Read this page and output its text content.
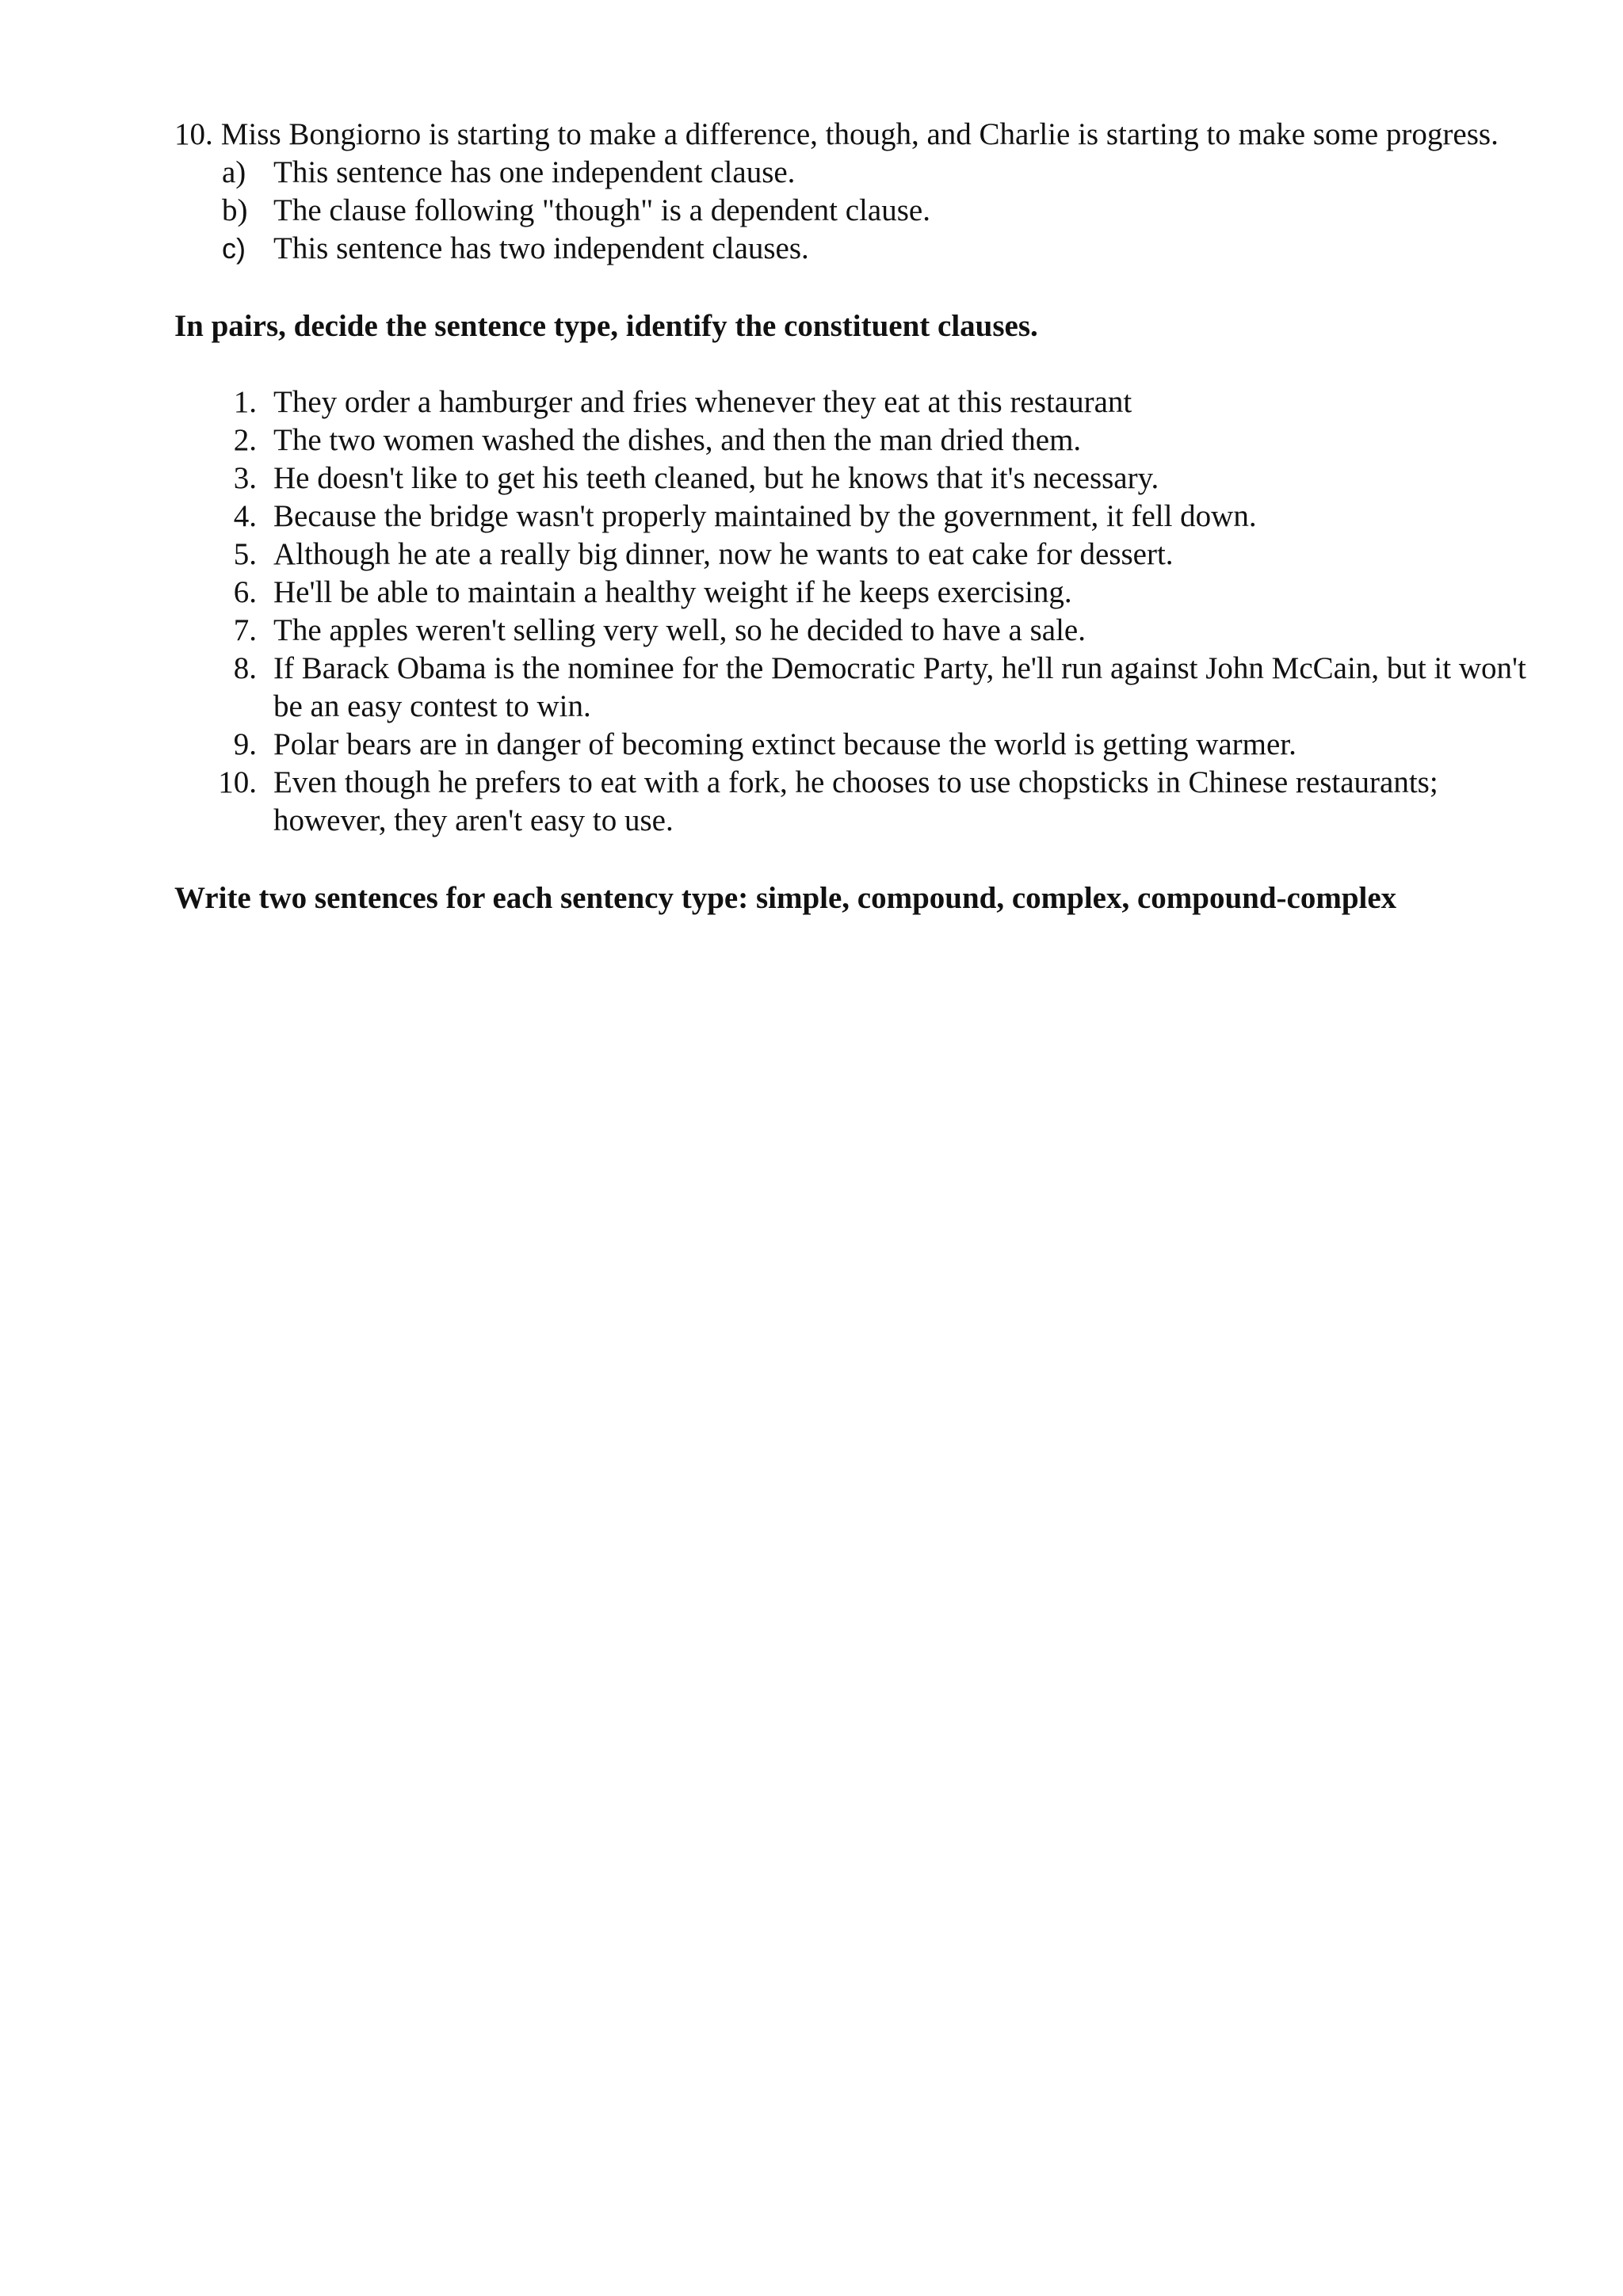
10. Miss Bongiorno is starting to make a difference, though, and Charlie is starting to make some progress.

a) This sentence has one independent clause.
b) The clause following "though" is a dependent clause.
c) This sentence has two independent clauses.

In pairs, decide the sentence type, identify the constituent clauses.

1. They order a hamburger and fries whenever they eat at this restaurant
2. The two women washed the dishes, and then the man dried them.
3. He doesn't like to get his teeth cleaned, but he knows that it's necessary.
4. Because the bridge wasn't properly maintained by the government, it fell down.
5. Although he ate a really big dinner, now he wants to eat cake for dessert.
6. He'll be able to maintain a healthy weight if he keeps exercising.
7. The apples weren't selling very well, so he decided to have a sale.
8. If Barack Obama is the nominee for the Democratic Party, he'll run against John McCain, but it won't be an easy contest to win.
9. Polar bears are in danger of becoming extinct because the world is getting warmer.
10. Even though he prefers to eat with a fork, he chooses to use chopsticks in Chinese restaurants; however, they aren't easy to use.

Write two sentences for each sentency type: simple, compound, complex, compound-complex
